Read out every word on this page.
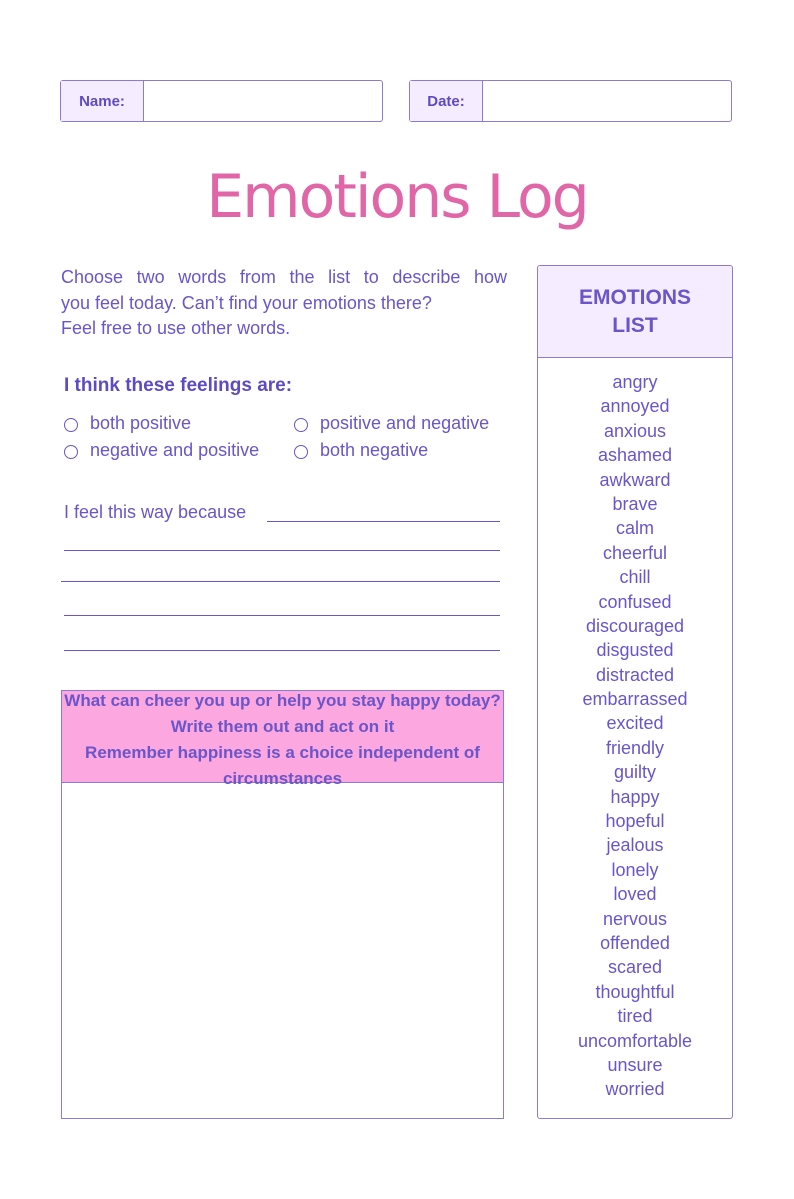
Name:	Date:
Emotions Log
Choose two words from the list to describe how
you feel today. Can’t find your emotions there?
Feel free to use other words.
I think these feelings are:
both positive	positive and negative
negative and positive	both negative
I feel this way because
What can cheer you up or help you stay happy today?
Write them out and act on it
Remember happiness is a choice independent of
circumstances
EMOTIONS
LIST
angry
annoyed
anxious
ashamed
awkward
brave
calm
cheerful
chill
confused
discouraged
disgusted
distracted
embarrassed
excited
friendly
guilty
happy
hopeful
jealous
lonely
loved
nervous
offended
scared
thoughtful
tired
uncomfortable
unsure
worried
